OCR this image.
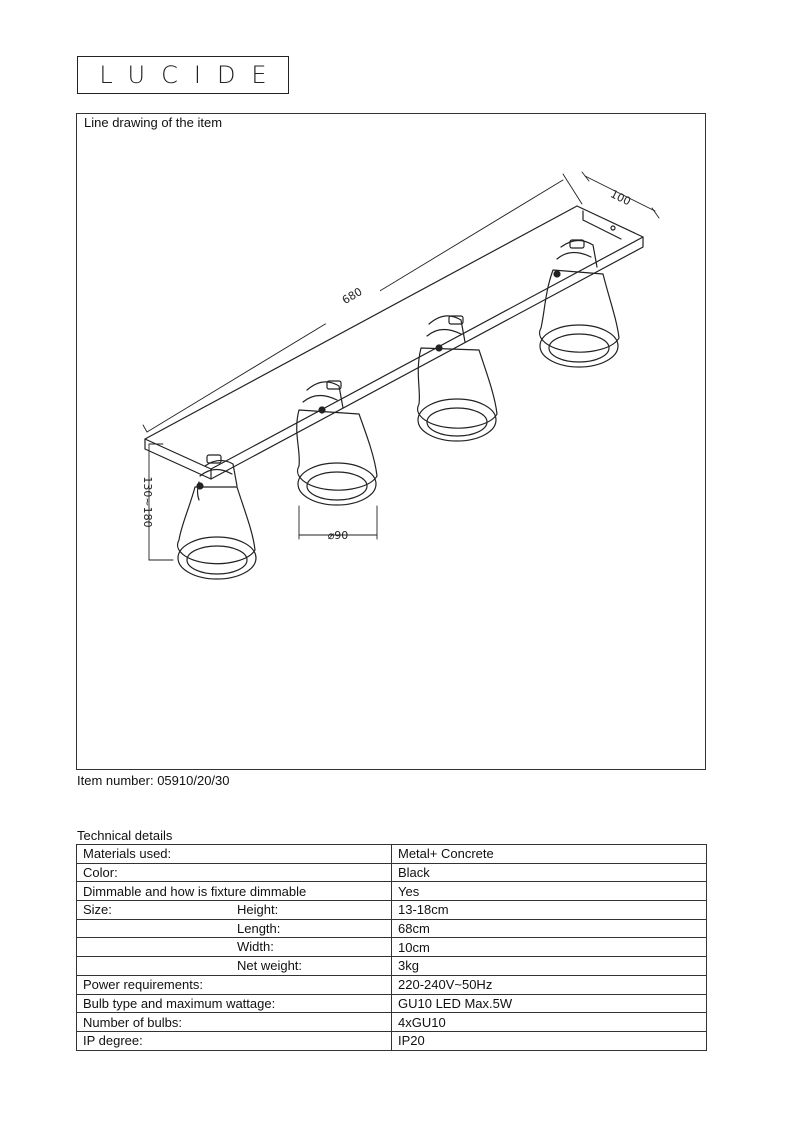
LUCIDE
Line drawing of the item
680
100
130~180
⌀90
Item number: 05910/20/30
Technical details
Materials used:	Metal+ Concrete
Color:	Black
Dimmable and how is fixture dimmable	Yes
Size: Height:	13-18cm

Length:	68cm

Width:	10cm

Net weight:	3kg
Power requirements:	220-240V~50Hz
Bulb type and maximum wattage:	GU10 LED Max.5W
Number of bulbs:	4xGU10
IP degree:	IP20
